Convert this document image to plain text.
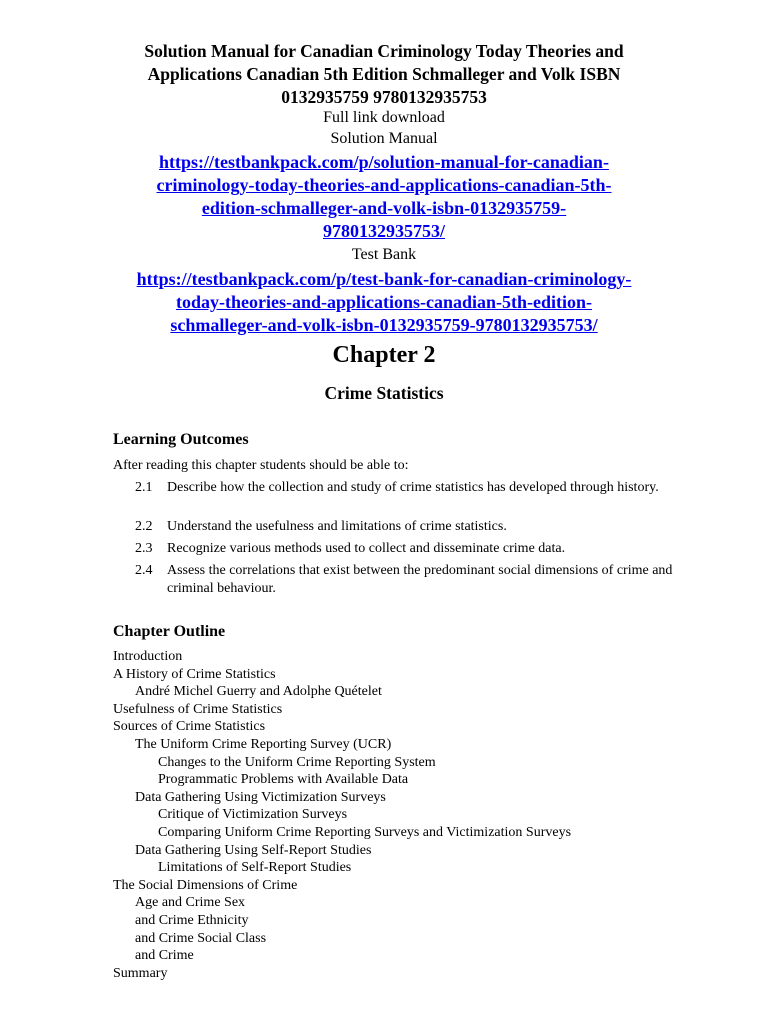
Solution Manual for Canadian Criminology Today Theories and
Applications Canadian 5th Edition Schmalleger and Volk ISBN
0132935759 9780132935753
Full link download
Solution Manual
https://testbankpack.com/p/solution-manual-for-canadian-
criminology-today-theories-and-applications-canadian-5th-
edition-schmalleger-and-volk-isbn-0132935759-
9780132935753/
Test Bank
https://testbankpack.com/p/test-bank-for-canadian-criminology-
today-theories-and-applications-canadian-5th-edition-
schmalleger-and-volk-isbn-0132935759-9780132935753/
Chapter 2
Crime Statistics
Learning Outcomes
After reading this chapter students should be able to:
2.1 Describe how the collection and study of crime statistics has developed through history.
2.2 Understand the usefulness and limitations of crime statistics.
2.3 Recognize various methods used to collect and disseminate crime data.
2.4 Assess the correlations that exist between the predominant social dimensions of crime and criminal behaviour.
Chapter Outline
Introduction
A History of Crime Statistics
André Michel Guerry and Adolphe Quételet
Usefulness of Crime Statistics
Sources of Crime Statistics
The Uniform Crime Reporting Survey (UCR)
Changes to the Uniform Crime Reporting System
Programmatic Problems with Available Data
Data Gathering Using Victimization Surveys
Critique of Victimization Surveys
Comparing Uniform Crime Reporting Surveys and Victimization Surveys
Data Gathering Using Self-Report Studies
Limitations of Self-Report Studies
The Social Dimensions of Crime
Age and Crime Sex
and Crime Ethnicity
and Crime Social Class
and Crime
Summary
